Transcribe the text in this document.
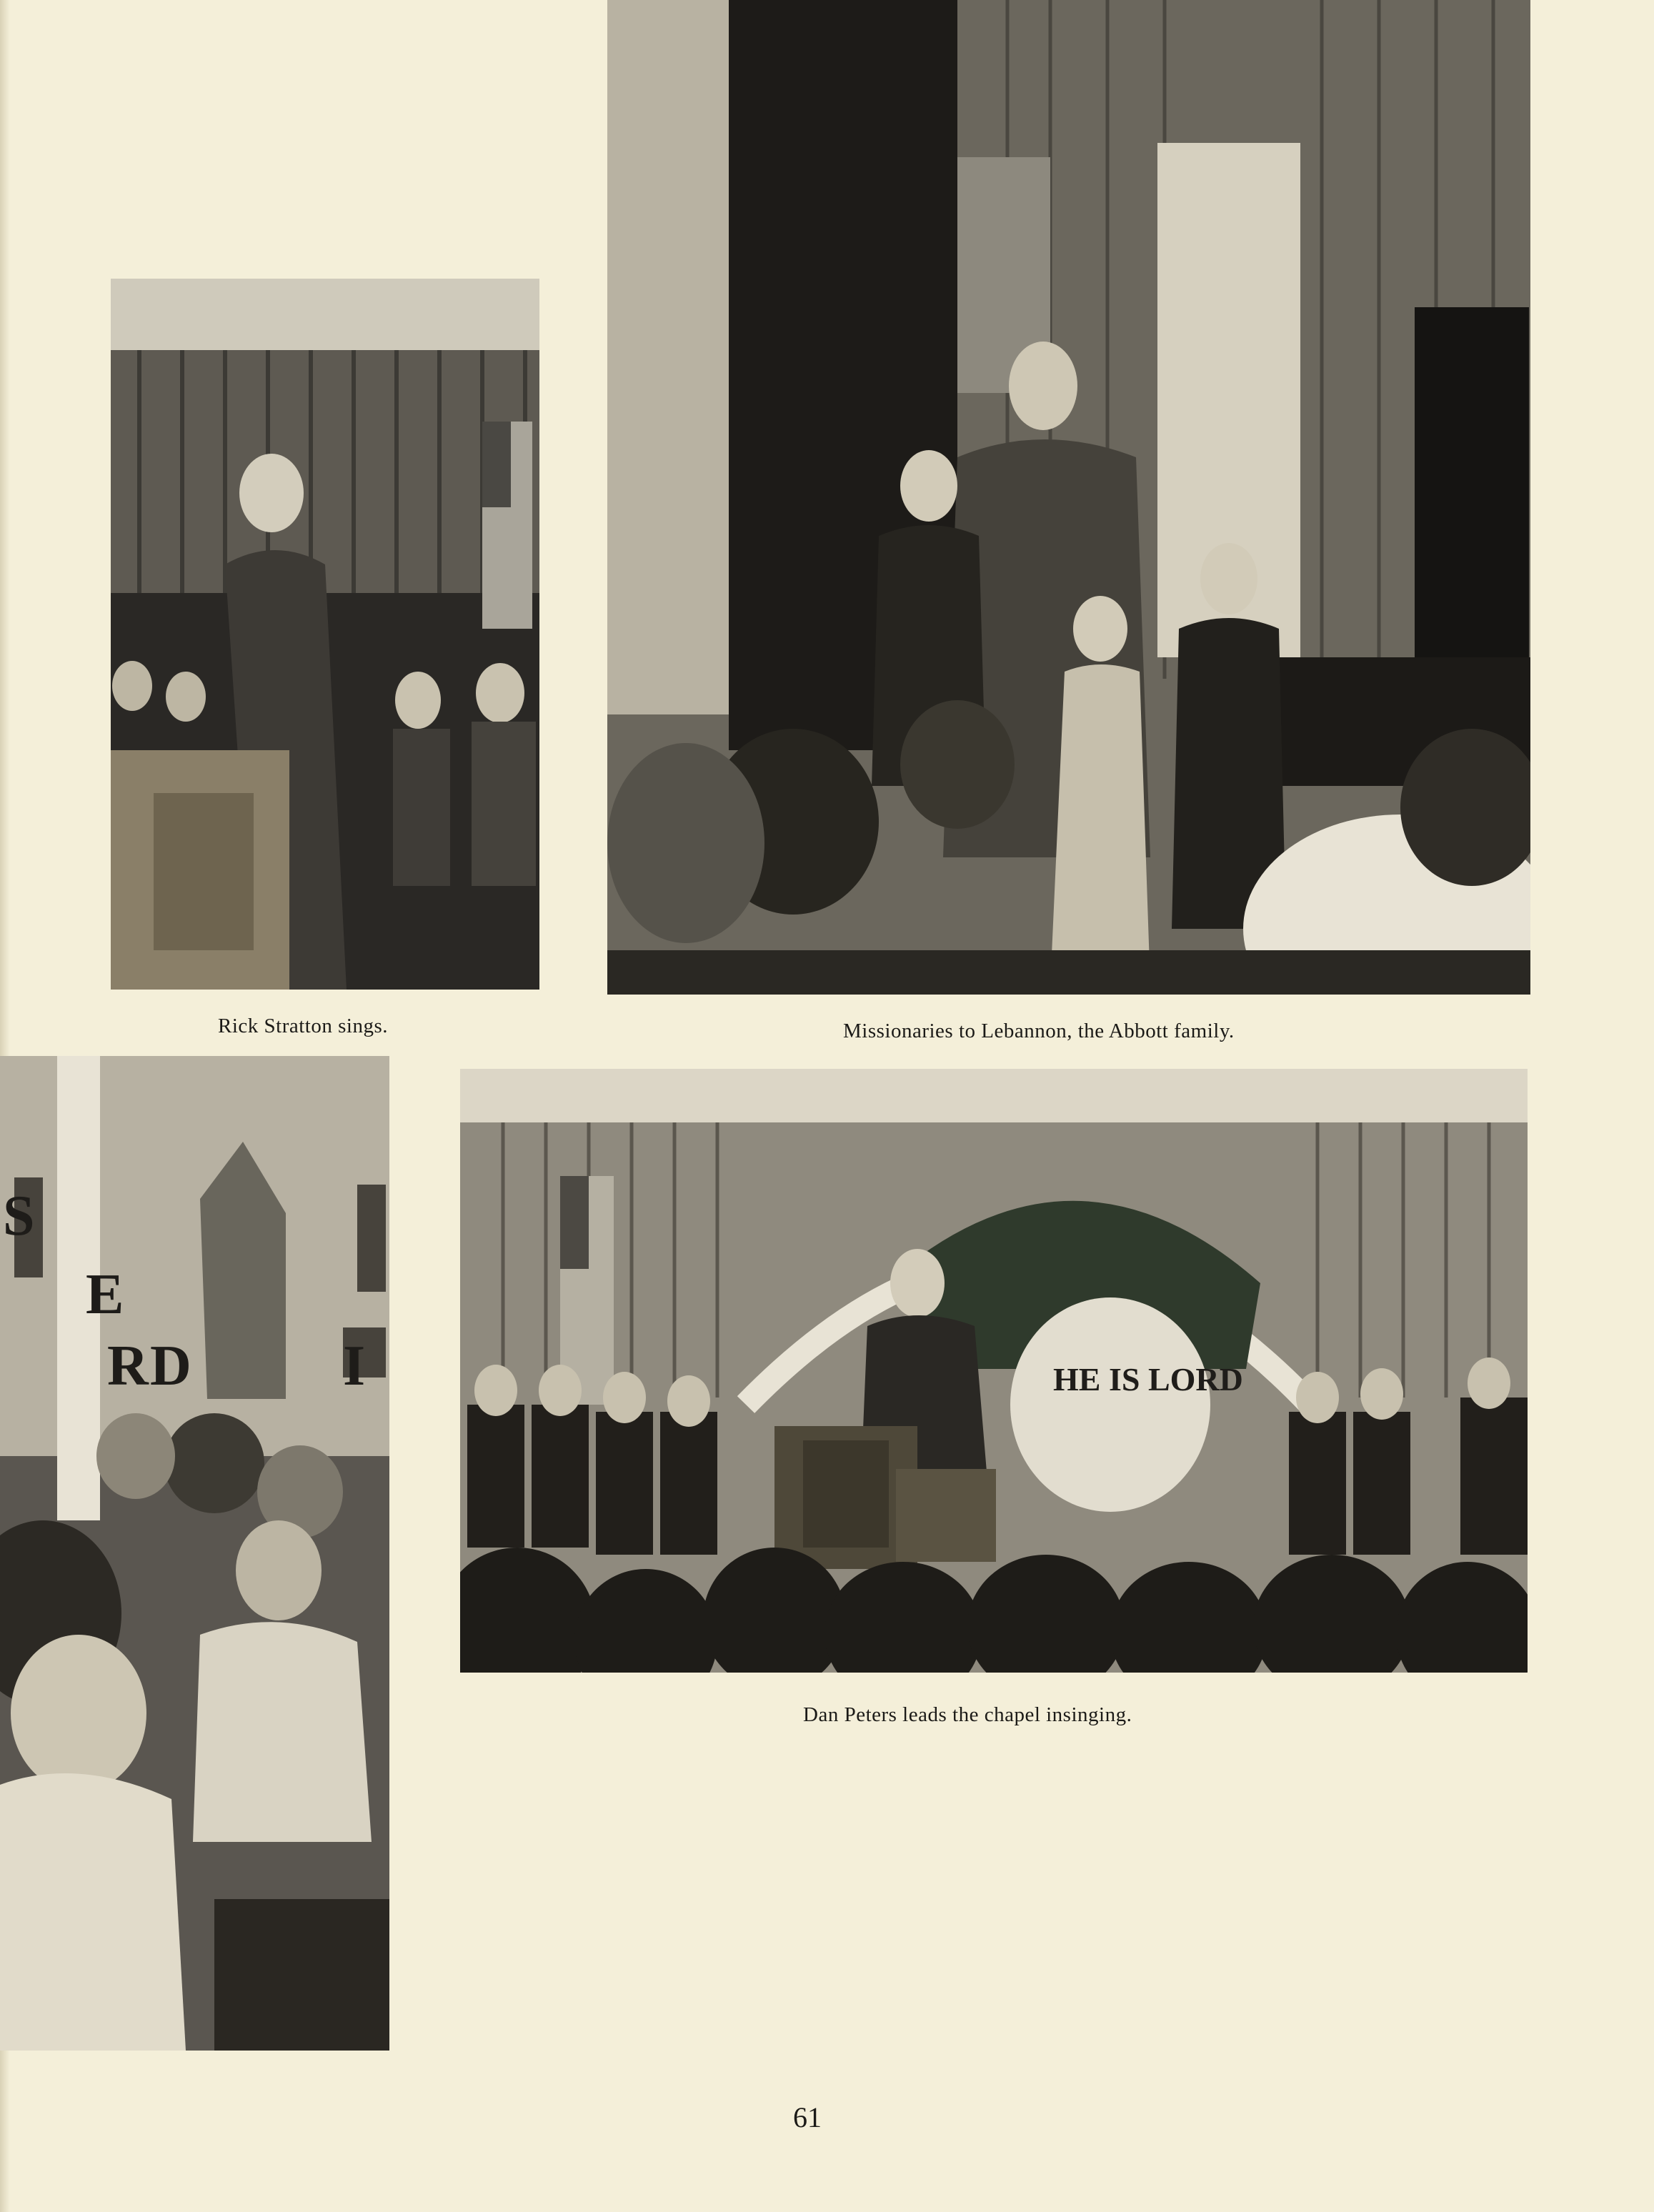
Rick Stratton sings.	Missionaries to Lebannon, the Abbott family.
S
E
R D	I	HE IS LORD
Dan Peters leads the chapel insinging.
61
